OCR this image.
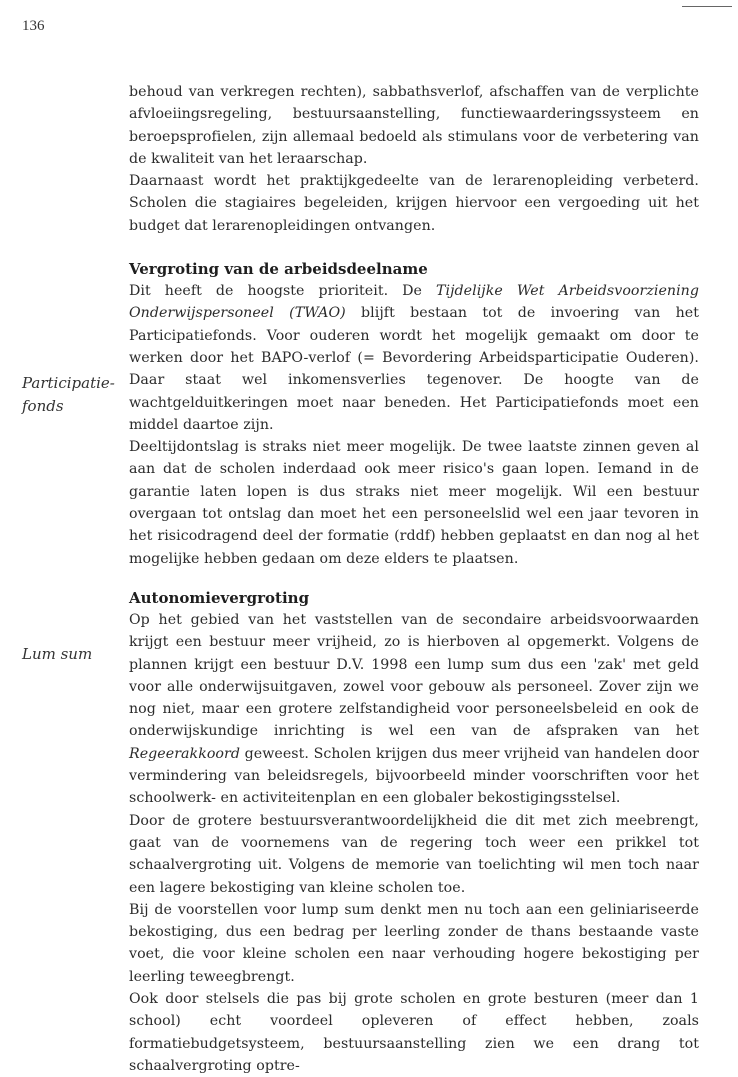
136
Participatie-
fonds
Lum sum

behoud van verkregen rechten), sabbathsverlof, afschaffen van de verplichte afvloeiingsregeling, bestuursaanstelling, functiewaarderingssysteem en beroepsprofielen, zijn allemaal bedoeld als stimulans voor de verbetering van de kwaliteit van het leraarschap.

Daarnaast wordt het praktijkgedeelte van de lerarenopleiding verbeterd. Scholen die stagiaires begeleiden, krijgen hiervoor een vergoeding uit het budget dat lerarenopleidingen ontvangen.

Vergroting van de arbeidsdeelname

Dit heeft de hoogste prioriteit. De Tijdelijke Wet Arbeidsvoorziening Onderwijspersoneel (TWAO) blijft bestaan tot de invoering van het Participatiefonds. Voor ouderen wordt het mogelijk gemaakt om door te werken door het BAPO-verlof (= Bevordering Arbeidsparticipatie Ouderen). Daar staat wel inkomensverlies tegenover. De hoogte van de wachtgelduitkeringen moet naar beneden. Het Participatiefonds moet een middel daartoe zijn.

Deeltijdontslag is straks niet meer mogelijk. De twee laatste zinnen geven al aan dat de scholen inderdaad ook meer risico's gaan lopen. Iemand in de garantie laten lopen is dus straks niet meer mogelijk. Wil een bestuur overgaan tot ontslag dan moet het een personeelslid wel een jaar tevoren in het risicodragend deel der formatie (rddf) hebben geplaatst en dan nog al het mogelijke hebben gedaan om deze elders te plaatsen.

Autonomievergroting

Op het gebied van het vaststellen van de secondaire arbeidsvoorwaarden krijgt een bestuur meer vrijheid, zo is hierboven al opgemerkt. Volgens de plannen krijgt een bestuur D.V. 1998 een lump sum dus een 'zak' met geld voor alle onderwijsuitgaven, zowel voor gebouw als personeel. Zover zijn we nog niet, maar een grotere zelfstandigheid voor personeelsbeleid en ook de onderwijskundige inrichting is wel een van de afspraken van het Regeerakkoord geweest. Scholen krijgen dus meer vrijheid van handelen door vermindering van beleidsregels, bijvoorbeeld minder voorschriften voor het schoolwerk- en activiteitenplan en een globaler bekostigingsstelsel.

Door de grotere bestuursverantwoordelijkheid die dit met zich meebrengt, gaat van de voornemens van de regering toch weer een prikkel tot schaalvergroting uit. Volgens de memorie van toelichting wil men toch naar een lagere bekostiging van kleine scholen toe.

Bij de voorstellen voor lump sum denkt men nu toch aan een geliniariseerde bekostiging, dus een bedrag per leerling zonder de thans bestaande vaste voet, die voor kleine scholen een naar verhouding hogere bekostiging per leerling teweegbrengt.

Ook door stelsels die pas bij grote scholen en grote besturen (meer dan 1 school) echt voordeel opleveren of effect hebben, zoals formatiebudgetsysteem, bestuursaanstelling zien we een drang tot schaalvergroting optre-
